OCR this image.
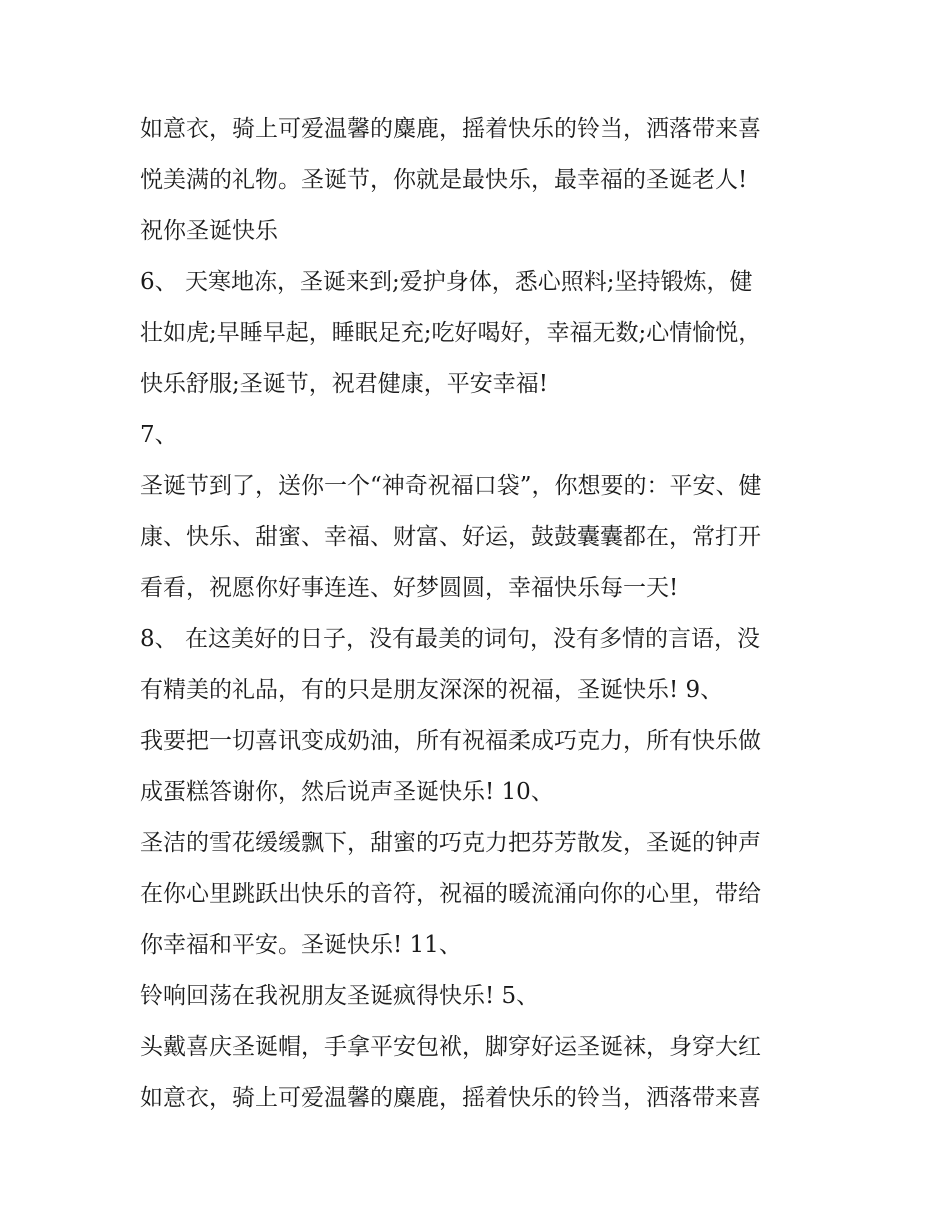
如意衣，骑上可爱温馨的麋鹿，摇着快乐的铃当，洒落带来喜
悦美满的礼物。圣诞节，你就是最快乐，最幸福的圣诞老人!
祝你圣诞快乐
6、 天寒地冻，圣诞来到;爱护身体，悉心照料;坚持锻炼，健
壮如虎;早睡早起，睡眠足充;吃好喝好，幸福无数;心情愉悦，
快乐舒服;圣诞节，祝君健康，平安幸福!
7、
圣诞节到了，送你一个“神奇祝福口袋”，你想要的：平安、健
康、快乐、甜蜜、幸福、财富、好运，鼓鼓囊囊都在，常打开
看看，祝愿你好事连连、好梦圆圆，幸福快乐每一天!
8、 在这美好的日子，没有最美的词句，没有多情的言语，没
有精美的礼品，有的只是朋友深深的祝福，圣诞快乐! 9、
我要把一切喜讯变成奶油，所有祝福柔成巧克力，所有快乐做
成蛋糕答谢你，然后说声圣诞快乐! 10、
圣洁的雪花缓缓飘下，甜蜜的巧克力把芬芳散发，圣诞的钟声
在你心里跳跃出快乐的音符，祝福的暖流涌向你的心里，带给
你幸福和平安。圣诞快乐! 11、
铃响回荡在我祝朋友圣诞疯得快乐! 5、
头戴喜庆圣诞帽，手拿平安包袱，脚穿好运圣诞袜，身穿大红
如意衣，骑上可爱温馨的麋鹿，摇着快乐的铃当，洒落带来喜
